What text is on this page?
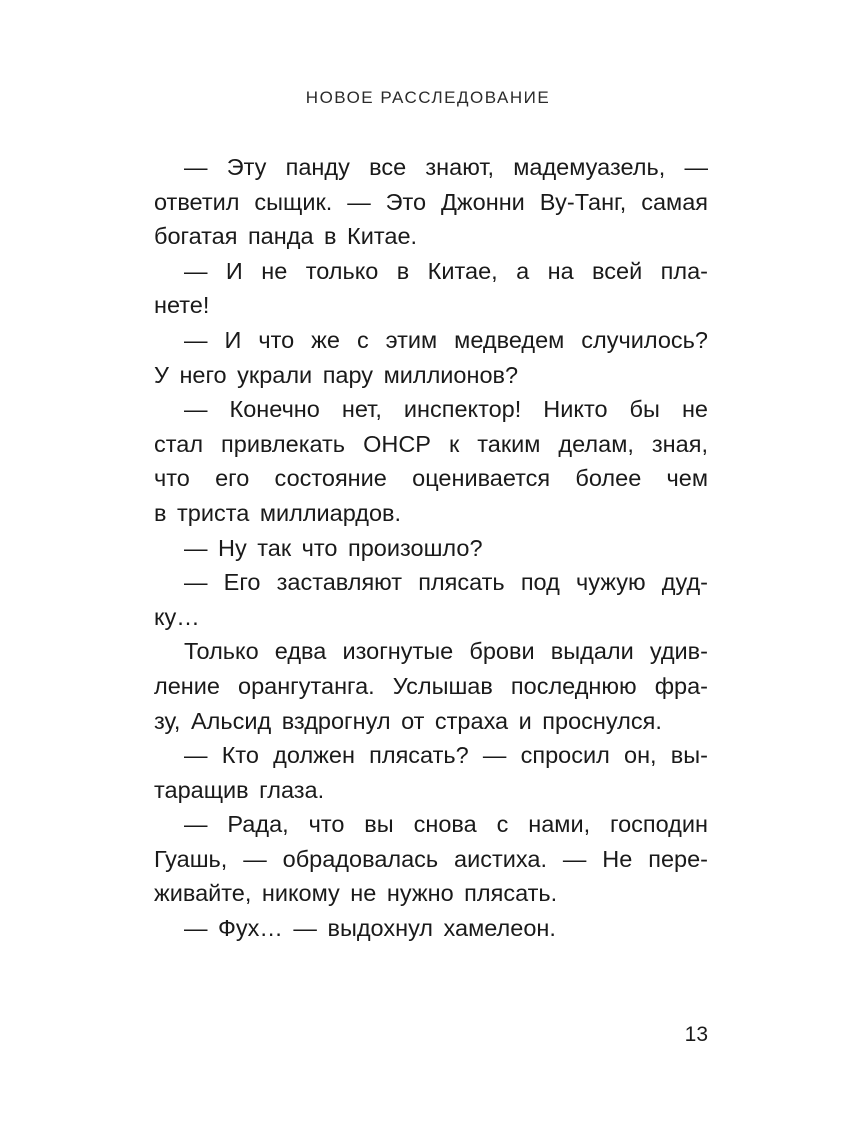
НОВОЕ РАССЛЕДОВАНИЕ
— Эту панду все знают, мадемуазель, —
ответил сыщик. — Это Джонни Ву-Танг, самая
богатая панда в Китае.
— И не только в Китае, а на всей пла-
нете!
— И что же с этим медведем случилось?
У него украли пару миллионов?
— Конечно нет, инспектор! Никто бы не
стал привлекать ОНСР к таким делам, зная,
что его состояние оценивается более чем
в триста миллиардов.
— Ну так что произошло?
— Его заставляют плясать под чужую дуд-
ку…
Только едва изогнутые брови выдали удив-
ление орангутанга. Услышав последнюю фра-
зу, Альсид вздрогнул от страха и проснулся.
— Кто должен плясать? — спросил он, вы-
таращив глаза.
— Рада, что вы снова с нами, господин
Гуашь, — обрадовалась аистиха. — Не пере-
живайте, никому не нужно плясать.
— Фух… — выдохнул хамелеон.
13
